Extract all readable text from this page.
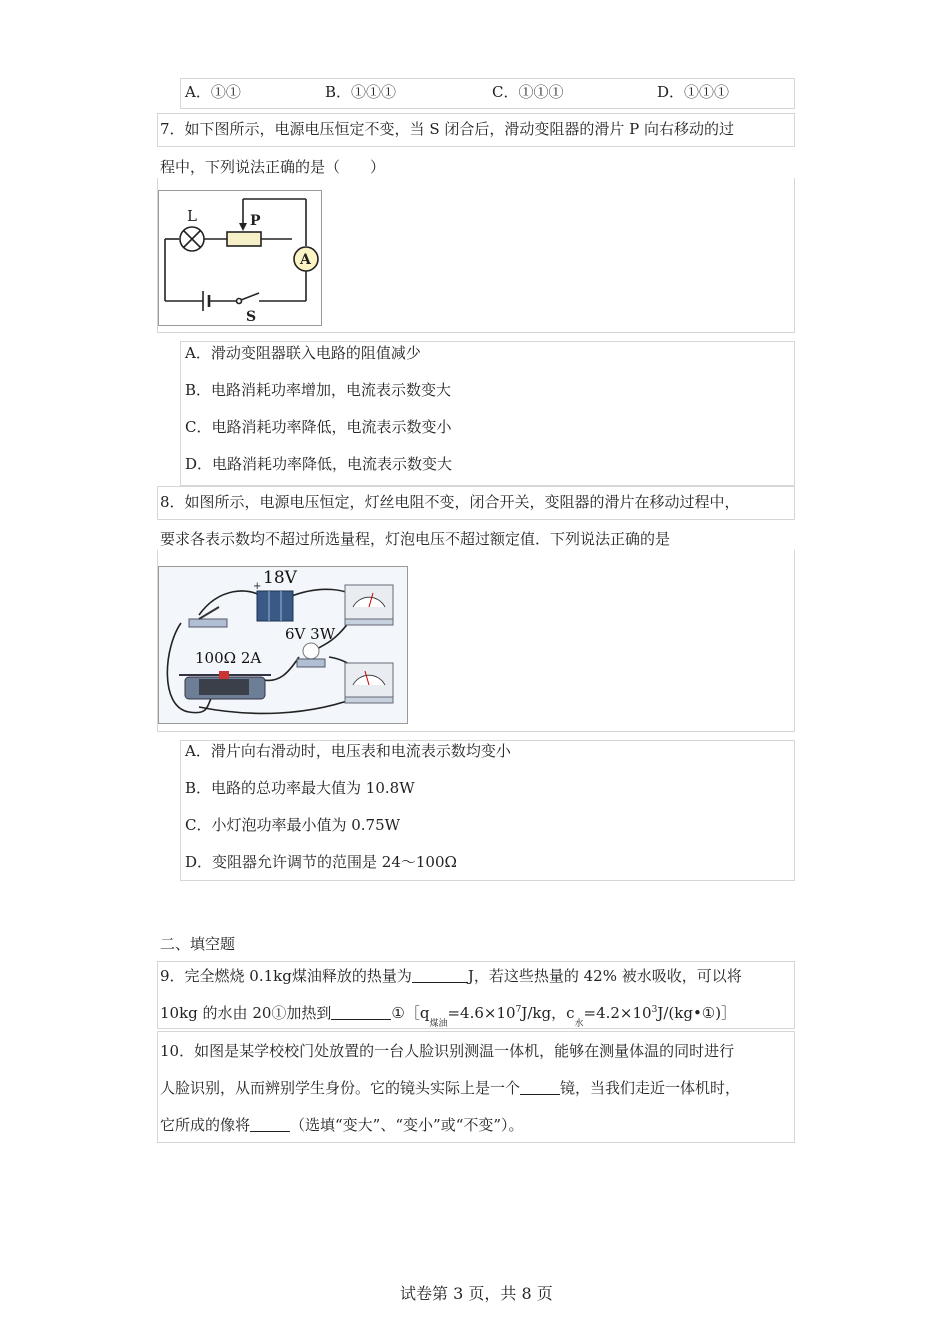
A．①①	B．①①①	C．①①①	D．①①①
7．如下图所示，电源电压恒定不变，当 S 闭合后，滑动变阻器的滑片 P 向右移动的过
程中，下列说法正确的是（　　）
L	P
A
S
A．滑动变阻器联入电路的阻值减少
B．电路消耗功率增加，电流表示数变大
C．电路消耗功率降低，电流表示数变小
D．电路消耗功率降低，电流表示数变大
8．如图所示，电源电压恒定，灯丝电阻不变，闭合开关，变阻器的滑片在移动过程中，
要求各表示数均不超过所选量程，灯泡电压不超过额定值．下列说法正确的是
+ 18V
6V 3W
100Ω 2A
A．滑片向右滑动时，电压表和电流表示数均变小
B．电路的总功率最大值为 10.8W
C．小灯泡功率最小值为 0.75W
D．变阻器允许调节的范围是 24～100Ω
二、填空题
9．完全燃烧 0.1kg煤油释放的热量为	J，若这些热量的 42% 被水吸收，可以将
10kg 的水由 20①加热到	$①[q_{煤油}=4.6\times 10^7J/kg$，$c_水=4.2\times 10^3J/(kg•①)]$
10．如图是某学校校门处放置的一台人脸识别测温一体机，能够在测量体温的同时进行
人脸识别，从而辨别学生身份。它的镜头实际上是一个	镜，当我们走近一体机时，
它所成的像将	（选填“变大”、“变小”或“不变”）。
试卷第 3 页，共 8 页
